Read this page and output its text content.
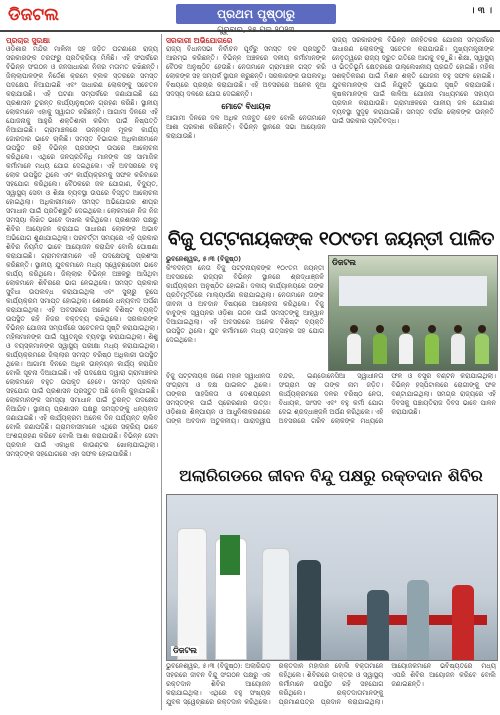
ଡିଜଟଲ	ପ୍ରଥମ ପୃଷ୍ଠାରୁ
ଗୁରୁବାର, ୨୫ ମଇ ୨୦୨୩
। ୩ ।
ପ୍ରଚାର ସୁରକ୍ଷା
ଓଡ଼ିଶାର ମନ୍ଦିର ମାଳିନୀ ସହ ଜଡ଼ିତ ଘଟଣାରେ ରାଜ୍ୟ ସରକାରଙ୍କ ତରଫରୁ ପ୍ରତିକ୍ରିୟା ମିଳିଛି। ଏହି ସଂପର୍କରେ ବିଭିନ୍ନ ସଂଗଠନ ଓ ଜନସାଧାରଣ ନିଜର ମତାମତ ରଖିଛନ୍ତି। ଜିଲ୍ଲାପାଳଙ୍କ ନିର୍ଦ୍ଦେଶ କ୍ରମେ ବ୍ଲକ ସ୍ତରରେ ସମସ୍ତ ପଦକ୍ଷେପ ନିଆଯାଇଛି ଏବଂ ସାଧାରଣ ଲୋକଙ୍କୁ ସଚେତନ କରାଯାଉଛି। ଏହି ଘଟଣା ସମ୍ପର୍କରେ ଜଣାଯାଇଛି ଯେ ପ୍ରଶାସନ ତୁରନ୍ତ କାର୍ଯ୍ୟାନୁଷ୍ଠାନ ଗ୍ରହଣ କରିଛି। ସ୍ଥାନୀୟ ଲୋକମାନେ ଏହାକୁ ସ୍ୱାଗତ କରିଛନ୍ତି। ଆଗାମୀ ଦିନରେ ଏହି ଯୋଜନାକୁ ଆହୁରି ଶକ୍ତିଶାଳୀ କରିବା ପାଇଁ ନିଷ୍ପତ୍ତି ନିଆଯାଇଛି। ଗ୍ରାମାଞ୍ଚଳରେ ଉନ୍ନୟନ ମୂଳକ କାର୍ଯ୍ୟ ଜୋରଦାର ଭାବେ ଚାଲିଛି। ସମସ୍ତ ବିଭାଗର ଅଧିକାରୀମାନେ ଉପସ୍ଥିତ ରହି ବିଭିନ୍ନ ପ୍ରସଙ୍ଗ ଉପରେ ଆଲୋଚନା କରିଥିଲେ। ଏଥିରେ ଜନପ୍ରତିନିଧି ମାନଙ୍କ ସହ ସାମାଜିକ କର୍ମୀମାନେ ମଧ୍ୟ ଯୋଗ ଦେଇଥିଲେ। ଏହି ଅବସରରେ ବହୁ ଲୋକ ଉପସ୍ଥିତ ଥିଲେ ଏବଂ କାର୍ଯ୍ୟକ୍ରମକୁ ସଫଳ କରିବାରେ ସହଯୋଗ କରିଥିଲେ। ବୈଠକରେ ଜଳ ଯୋଗାଣ, ବିଦ୍ୟୁତ, ସ୍ୱାସ୍ଥ୍ୟ ସେବା ଓ ଶିକ୍ଷା ବ୍ୟବସ୍ଥା ଉପରେ ବିସ୍ତୃତ ଆଲୋଚନା ହୋଇଥିଲା। ଅଧିକାରୀମାନେ ସମସ୍ତ ଅଭିଯୋଗର ଶୀଘ୍ର ସମାଧାନ ପାଇଁ ପ୍ରତିଶ୍ରୁତି ଦେଇଥିଲେ। ଲୋକମାନେ ନିଜ ନିଜ ସମସ୍ୟା ଲିଖିତ ଭାବେ ଦାଖଲ କରିଥିଲେ। ପ୍ରଶାସନ ପକ୍ଷରୁ ଶିବିର ଆୟୋଜନ କରାଯାଇ ସାଧାରଣ ଲୋକଙ୍କ ଅଭାବ ଅଭିଯୋଗ ଶୁଣାଯାଇଥିଲା। ପରବର୍ତ୍ତୀ ସମୟରେ ଏହି ପ୍ରକାର ଶିବିର ନିୟମିତ ଭାବେ ଆୟୋଜନ କରାଯିବ ବୋଲି ଘୋଷଣା କରାଯାଇଛି। ଗ୍ରାମବାସୀମାନେ ଏହି ପଦକ୍ଷେପକୁ ପ୍ରଶଂସା କରିଛନ୍ତି। ସ୍ଥାନୀୟ ଯୁବକମାନେ ମଧ୍ୟ ସ୍ୱେଚ୍ଛାସେବୀ ଭାବେ କାର୍ଯ୍ୟ କରିଥିଲେ। ଜିଲ୍ଲାର ବିଭିନ୍ନ ଅଞ୍ଚଳରୁ ଆସିଥିବା ଲୋକମାନେ ଶିବିରରେ ଭାଗ ନେଇଥିଲେ। ସମସ୍ତ ପ୍ରକାର ସୁବିଧା ଉପଲବ୍ଧ କରାଯାଇଥିଲା ଏବଂ ସୁଚାରୁ ରୂପେ କାର୍ଯ୍ୟକ୍ରମ ସମାପ୍ତ ହୋଇଥିଲା। ଶେଷରେ ଧନ୍ୟବାଦ ଅର୍ପଣ କରାଯାଇଥିଲା। ଏହି ଅବସରରେ ଅନେକ ବିଶିଷ୍ଟ ବ୍ୟକ୍ତି ଉପସ୍ଥିତ ରହି ନିଜର ବକ୍ତବ୍ୟ ରଖିଥିଲେ। ସରକାରଙ୍କ ବିଭିନ୍ନ ଯୋଜନା ସମ୍ପର୍କରେ ସଚେତନତା ସୃଷ୍ଟି କରାଯାଇଥିଲା। ମହିଳାମାନଙ୍କ ପାଇଁ ସ୍ୱତନ୍ତ୍ର ବ୍ୟବସ୍ଥା କରାଯାଇଥିଲା। ଶିଶୁ ଓ ବୟସ୍କମାନଙ୍କ ସ୍ୱାସ୍ଥ୍ୟ ପରୀକ୍ଷା ମଧ୍ୟ କରାଯାଇଥିଲା। କାର୍ଯ୍ୟକ୍ରମରେ ଜିଲ୍ଲାର ସମସ୍ତ ବରିଷ୍ଠ ଅଧିକାରୀ ଉପସ୍ଥିତ ଥିଲେ। ଆଗାମୀ ଦିନରେ ଅଧିକ ଉନ୍ନୟନ କାର୍ଯ୍ୟ କରାଯିବ ବୋଲି ସୂଚନା ଦିଆଯାଇଛି। ଏହି ପଦକ୍ଷେପ ଦ୍ୱାରା ଗ୍ରାମାଞ୍ଚଳର ଲୋକମାନେ ବହୁତ ଉପକୃତ ହେବେ। ସମସ୍ତ ପ୍ରକାର ସହଯୋଗ ପାଇଁ ପ୍ରଶାସନ ପ୍ରସ୍ତୁତ ଅଛି ବୋଲି କୁହାଯାଇଛି। ଲୋକମାନଙ୍କ ସମସ୍ୟା ସମାଧାନ ପାଇଁ ତୁରନ୍ତ ପଦକ୍ଷେପ ନିଆଯିବ। ସ୍ଥାନୀୟ ପ୍ରଶାସନ ପକ୍ଷରୁ ସମସ୍ତଙ୍କୁ ଧନ୍ୟବାଦ ଜଣାଯାଇଛି। ଏହି କାର୍ଯ୍ୟକ୍ରମ ଅନେକ ଦିନ ପର୍ଯ୍ୟନ୍ତ ଚାଲିବ ବୋଲି ଜଣାପଡ଼ିଛି। ଗ୍ରାମବାସୀମାନେ ଏଥିରେ ସକ୍ରିୟ ଭାବେ ଅଂଶଗ୍ରହଣ କରିବେ ବୋଲି ଆଶା କରାଯାଉଛି। ବିଭିନ୍ନ ସେବା ପ୍ରଦାନ ପାଇଁ ଏକାଧିକ କାଉଣ୍ଟର ଖୋଲାଯାଇଥିଲା। ସମସ୍ତଙ୍କ ସହଯୋଗରେ ଏହା ସଫଳ ହୋଇପାରିଛି।
ସରକାରୀ ଅଭିଯୋଗରେ
ରାଜ୍ୟ ବିଧାନସଭା ନିର୍ବାଚନ ପୂର୍ବରୁ ସମସ୍ତ ଦଳ ପ୍ରସ୍ତୁତି ଆରମ୍ଭ କରିଛନ୍ତି। ବିଭିନ୍ନ ଅଞ୍ଚଳରେ ଦଳୀୟ କର୍ମୀମାନଙ୍କ ବୈଠକ ଅନୁଷ୍ଠିତ ହେଉଛି। ନେତାମାନେ ଗ୍ରାମାଞ୍ଚଳ ଗସ୍ତ କରି ଲୋକଙ୍କ ସହ ସମ୍ପର୍କ ସ୍ଥାପନ କରୁଛନ୍ତି। ସରକାରଙ୍କ ଉପଲବ୍ଧି ବିଷୟରେ ପ୍ରଚାର କରାଯାଉଛି। ଏହି ଅବସରରେ ଅନେକ ନୂଆ ସଦସ୍ୟ ଦଳରେ ଯୋଗ ଦେଇଛନ୍ତି।
ମୋଟେ ବିଧାୟକ
ଆଗାମୀ ଦିନରେ ଦଳ ଅଧିକ ମଜବୁତ ହେବ ବୋଲି ନେତାମାନେ ଆଶା ପ୍ରକାଶ କରିଛନ୍ତି। ବିଭିନ୍ନ ସ୍ଥାନରେ ସଭା ଆୟୋଜନ କରାଯାଉଛି।
ରାଜ୍ୟ ସରକାରଙ୍କ ବିଭିନ୍ନ ଜନହିତକର ଯୋଜନା ସମ୍ପର୍କରେ ସାଧାରଣ ଲୋକଙ୍କୁ ସଚେତନ କରାଯାଉଛି। ମୁଖ୍ୟମନ୍ତ୍ରୀଙ୍କ ନେତୃତ୍ୱରେ ରାଜ୍ୟ ଦ୍ରୁତ ଗତିରେ ଆଗକୁ ବଢ଼ୁଛି। ଶିକ୍ଷା, ସ୍ୱାସ୍ଥ୍ୟ ଓ ଭିତ୍ତିଭୂମି କ୍ଷେତ୍ରରେ ଉଲ୍ଲେଖନୀୟ ପ୍ରଗତି ହୋଇଛି। ମହିଳା ସଶକ୍ତିକରଣ ପାଇଁ ମିଶନ ଶକ୍ତି ଯୋଜନା ବହୁ ସଫଳ ହୋଇଛି। ଯୁବକମାନଙ୍କ ପାଇଁ ନିଯୁକ୍ତି ସୁଯୋଗ ସୃଷ୍ଟି କରାଯାଉଛି। କୃଷକମାନଙ୍କ ପାଇଁ କାଳିଆ ଯୋଜନା ମାଧ୍ୟମରେ ସହାୟତା ପ୍ରଦାନ କରାଯାଉଛି। ଗ୍ରାମାଞ୍ଚଳରେ ପାନୀୟ ଜଳ ଯୋଗାଣ ବ୍ୟବସ୍ଥା ସୁଦୃଢ଼ କରାଯାଇଛି। ସମସ୍ତ ବର୍ଗର ଲୋକଙ୍କ ଉନ୍ନତି ପାଇଁ ସରକାର ପ୍ରତିବଦ୍ଧ।
ବିଜୁ ପଟ୍ଟନାୟକଙ୍କ ୧୦୯ତମ ଜୟନ୍ତୀ ପାଳିତ
ଭୁବନେଶ୍ୱର, ୫।୩ (ବିଜୁଷ୍ଠ)
କିଂବଦନ୍ତୀ ନେତା ବିଜୁ ପଟ୍ଟନାୟକଙ୍କ ୧୦୯ତମ ଜୟନ୍ତୀ ଅବସରରେ ରାଜ୍ୟର ବିଭିନ୍ନ ସ୍ଥାନରେ ଶ୍ରଦ୍ଧାଞ୍ଜଳି କାର୍ଯ୍ୟକ୍ରମ ଅନୁଷ୍ଠିତ ହୋଇଛି। ଦଳୀୟ କାର୍ଯ୍ୟାଳୟରେ ତାଙ୍କ ପ୍ରତିମୂର୍ତ୍ତିରେ ମାଲ୍ୟାର୍ପଣ କରାଯାଇଥିଲା। ନେତାମାନେ ତାଙ୍କ ଜୀବନୀ ଓ ଅବଦାନ ବିଷୟରେ ଆଲୋଚନା କରିଥିଲେ। ବିଜୁ ବାବୁଙ୍କ ସ୍ୱପ୍ନର ଓଡ଼ିଶା ଗଠନ ପାଇଁ ସମସ୍ତଙ୍କୁ ଆହ୍ୱାନ ଦିଆଯାଇଥିଲା। ଏହି ଅବସରରେ ଅନେକ ବିଶିଷ୍ଟ ବ୍ୟକ୍ତି ଉପସ୍ଥିତ ଥିଲେ। ଯୁବ କର୍ମୀମାନେ ମଧ୍ୟ ଉତ୍ସାହର ସହ ଯୋଗ ଦେଇଥିଲେ।
ଡିଜଟଲ
ବିଜୁ ପଟ୍ଟନାୟକ ଜଣେ ମହାନ ସ୍ୱାଧୀନତା ସଂଗ୍ରାମୀ ଓ ଦକ୍ଷ ପାଇଲଟ ଥିଲେ। ତାଙ୍କର ସାହସିକତା ଓ ଦେଶପ୍ରେମ ସମସ୍ତଙ୍କ ପାଇଁ ପ୍ରେରଣାର ଉତ୍ସ। ଓଡ଼ିଶାର ଶିଳ୍ପାୟନ ଓ ଆଧୁନିକୀକରଣରେ ତାଙ୍କ ଅବଦାନ ଅତୁଳନୀୟ। ପାରାଦ୍ୱୀପ ବନ୍ଦର, ଇଣ୍ଡୋନେସିଆ ସ୍ୱାଧୀନତା ସଂଗ୍ରାମ ସହ ତାଙ୍କ ନାମ ଜଡ଼ିତ। କାର୍ଯ୍ୟକ୍ରମରେ ଦଳର ବରିଷ୍ଠ ନେତା, ବିଧାୟକ, ସାଂସଦ ଏବଂ ବହୁ କର୍ମୀ ଯୋଗ ଦେଇ ଶ୍ରଦ୍ଧାଞ୍ଜଳି ଅର୍ପଣ କରିଥିଲେ। ଏହି ଅବସରରେ ଗରିବ ଲୋକଙ୍କ ମଧ୍ୟରେ ଫଳ ଓ ବସ୍ତ୍ର ବଣ୍ଟନ କରାଯାଇଥିଲା। ବିଭିନ୍ନ ହସ୍ପିଟାଲରେ ରୋଗୀଙ୍କୁ ଫଳ ବଣ୍ଟାଯାଇଥିଲା। ସମଗ୍ର ରାଜ୍ୟରେ ଏହି ଦିବସକୁ ପଞ୍ଚାୟତିରାଜ ଦିବସ ଭାବେ ପାଳନ କରାଯାଉଛି।
ଅଲାରିଗଡରେ ଜୀବନ ବିନ୍ଦୁ ପକ୍ଷରୁ ରକ୍ତଦାନ ଶିବିର
ଡିଜଟଲ
ଭୁବନେଶ୍ୱର, ୫।୩ (ବିଜୁଷ୍ଠ): ଅଲାରିଗଡ଼ ସହରରେ ଜୀବନ ବିନ୍ଦୁ ସଂଗଠନ ପକ୍ଷରୁ ଏକ ରକ୍ତଦାନ ଶିବିର ଆୟୋଜନ କରାଯାଇଥିଲା। ଏଥିରେ ବହୁ ସଂଖ୍ୟକ ଯୁବକ ସ୍ୱେଚ୍ଛାରେ ରକ୍ତଦାନ କରିଥିଲେ। ରକ୍ତଦାନ ମହାଦାନ ବୋଲି ବକ୍ତାମାନେ କହିଥିଲେ। ଶିବିରରେ ଡାକ୍ତର ଓ ସ୍ୱାସ୍ଥ୍ୟ କର୍ମୀମାନେ ଉପସ୍ଥିତ ରହି ସହଯୋଗ କରିଥିଲେ। ରକ୍ତଦାତାମାନଙ୍କୁ ପ୍ରମାଣପତ୍ର ପ୍ରଦାନ କରାଯାଇଥିଲା। ଆୟୋଜକମାନେ ଭବିଷ୍ୟତରେ ମଧ୍ୟ ଏପରି ଶିବିର ଆୟୋଜନ କରିବେ ବୋଲି ଜଣାଇଛନ୍ତି।
